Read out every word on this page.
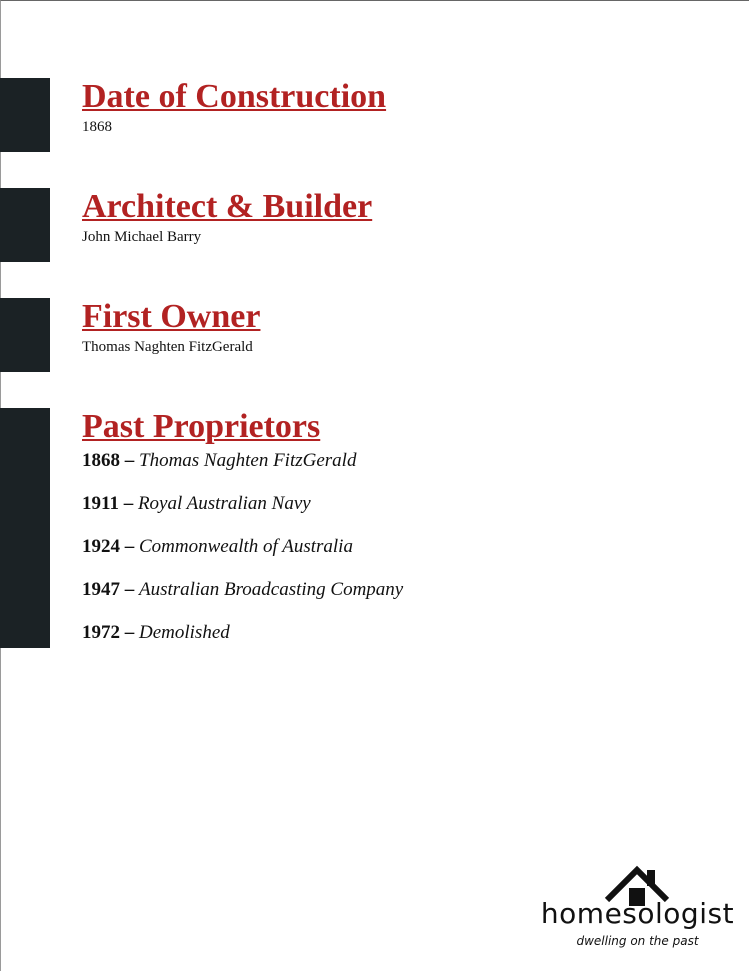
Date of Construction
1868
Architect & Builder
John Michael Barry
First Owner
Thomas Naghten FitzGerald
Past Proprietors
1868 – Thomas Naghten FitzGerald
1911 – Royal Australian Navy
1924 – Commonwealth of Australia
1947 – Australian Broadcasting Company
1972 – Demolished
homesologist
dwelling on the past
